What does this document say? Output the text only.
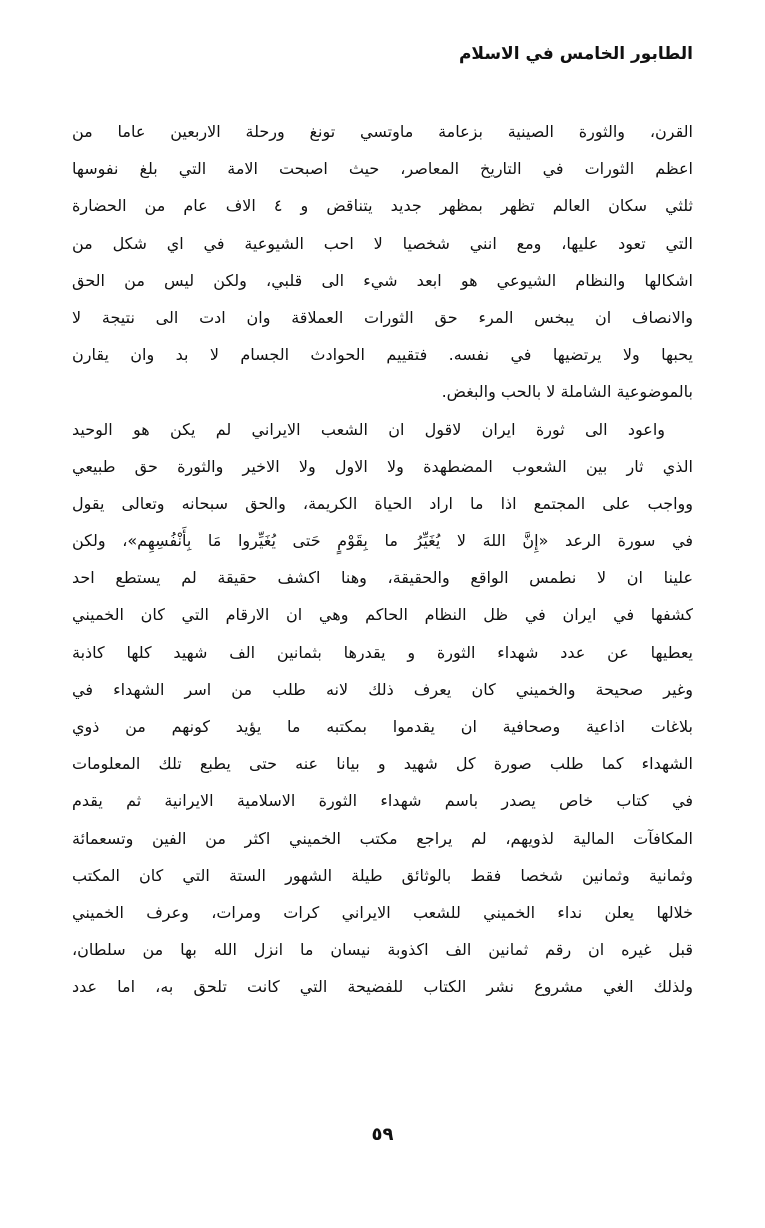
الطابور الخامس في الاسلام

القرن، والثورة الصينية بزعامة ماوتسي تونغ ورحلة الاربعين عاما من
اعظم الثورات في التاريخ المعاصر، حيث اصبحت الامة التي بلغ نفوسها
ثلثي سكان العالم تظهر بمظهر جديد يتناقض و ٤ الاف عام من الحضارة
التي تعود عليها، ومع انني شخصيا لا احب الشيوعية في اي شكل من
اشكالها والنظام الشيوعي هو ابعد شيء الى قلبي، ولكن ليس من الحق
والانصاف ان يبخس المرء حق الثورات العملاقة وان ادت الى نتيجة لا
يحبها ولا يرتضيها في نفسه. فتقييم الحوادث الجسام لا بد وان يقارن
بالموضوعية الشاملة لا بالحب والبغض.

واعود الى ثورة ايران لاقول ان الشعب الايراني لم يكن هو الوحيد
الذي ثار بين الشعوب المضطهدة ولا الاول ولا الاخير والثورة حق طبيعي
وواجب على المجتمع اذا ما اراد الحياة الكريمة، والحق سبحانه وتعالى يقول
في سورة الرعد «إِنَّ اللهَ لا يُغَيِّرُ ما بِقَوْمٍ حَتى يُغَيِّروا مَا بِأَنْفُسِهِم»، ولكن
علينا ان لا نطمس الواقع والحقيقة، وهنا اكشف حقيقة لم يستطع احد
كشفها في ايران في ظل النظام الحاكم وهي ان الارقام التي كان الخميني
يعطيها عن عدد شهداء الثورة و يقدرها بثمانين الف شهيد كلها كاذبة
وغير صحيحة والخميني كان يعرف ذلك لانه طلب من اسر الشهداء في
بلاغات اذاعية وصحافية ان يقدموا بمكتبه ما يؤيد كونهم من ذوي
الشهداء كما طلب صورة كل شهيد و بيانا عنه حتى يطبع تلك المعلومات
في كتاب خاص يصدر باسم شهداء الثورة الاسلامية الايرانية ثم يقدم
المكافآت المالية لذويهم، لم يراجع مكتب الخميني اكثر من الفين وتسعمائة
وثمانية وثمانين شخصا فقط بالوثائق طيلة الشهور الستة التي كان المكتب
خلالها يعلن نداء الخميني للشعب الايراني كرات ومرات، وعرف الخميني
قبل غيره ان رقم ثمانين الف اكذوبة نيسان ما انزل الله بها من سلطان،
ولذلك الغي مشروع نشر الكتاب للفضيحة التي كانت تلحق به، اما عدد

٥٩
